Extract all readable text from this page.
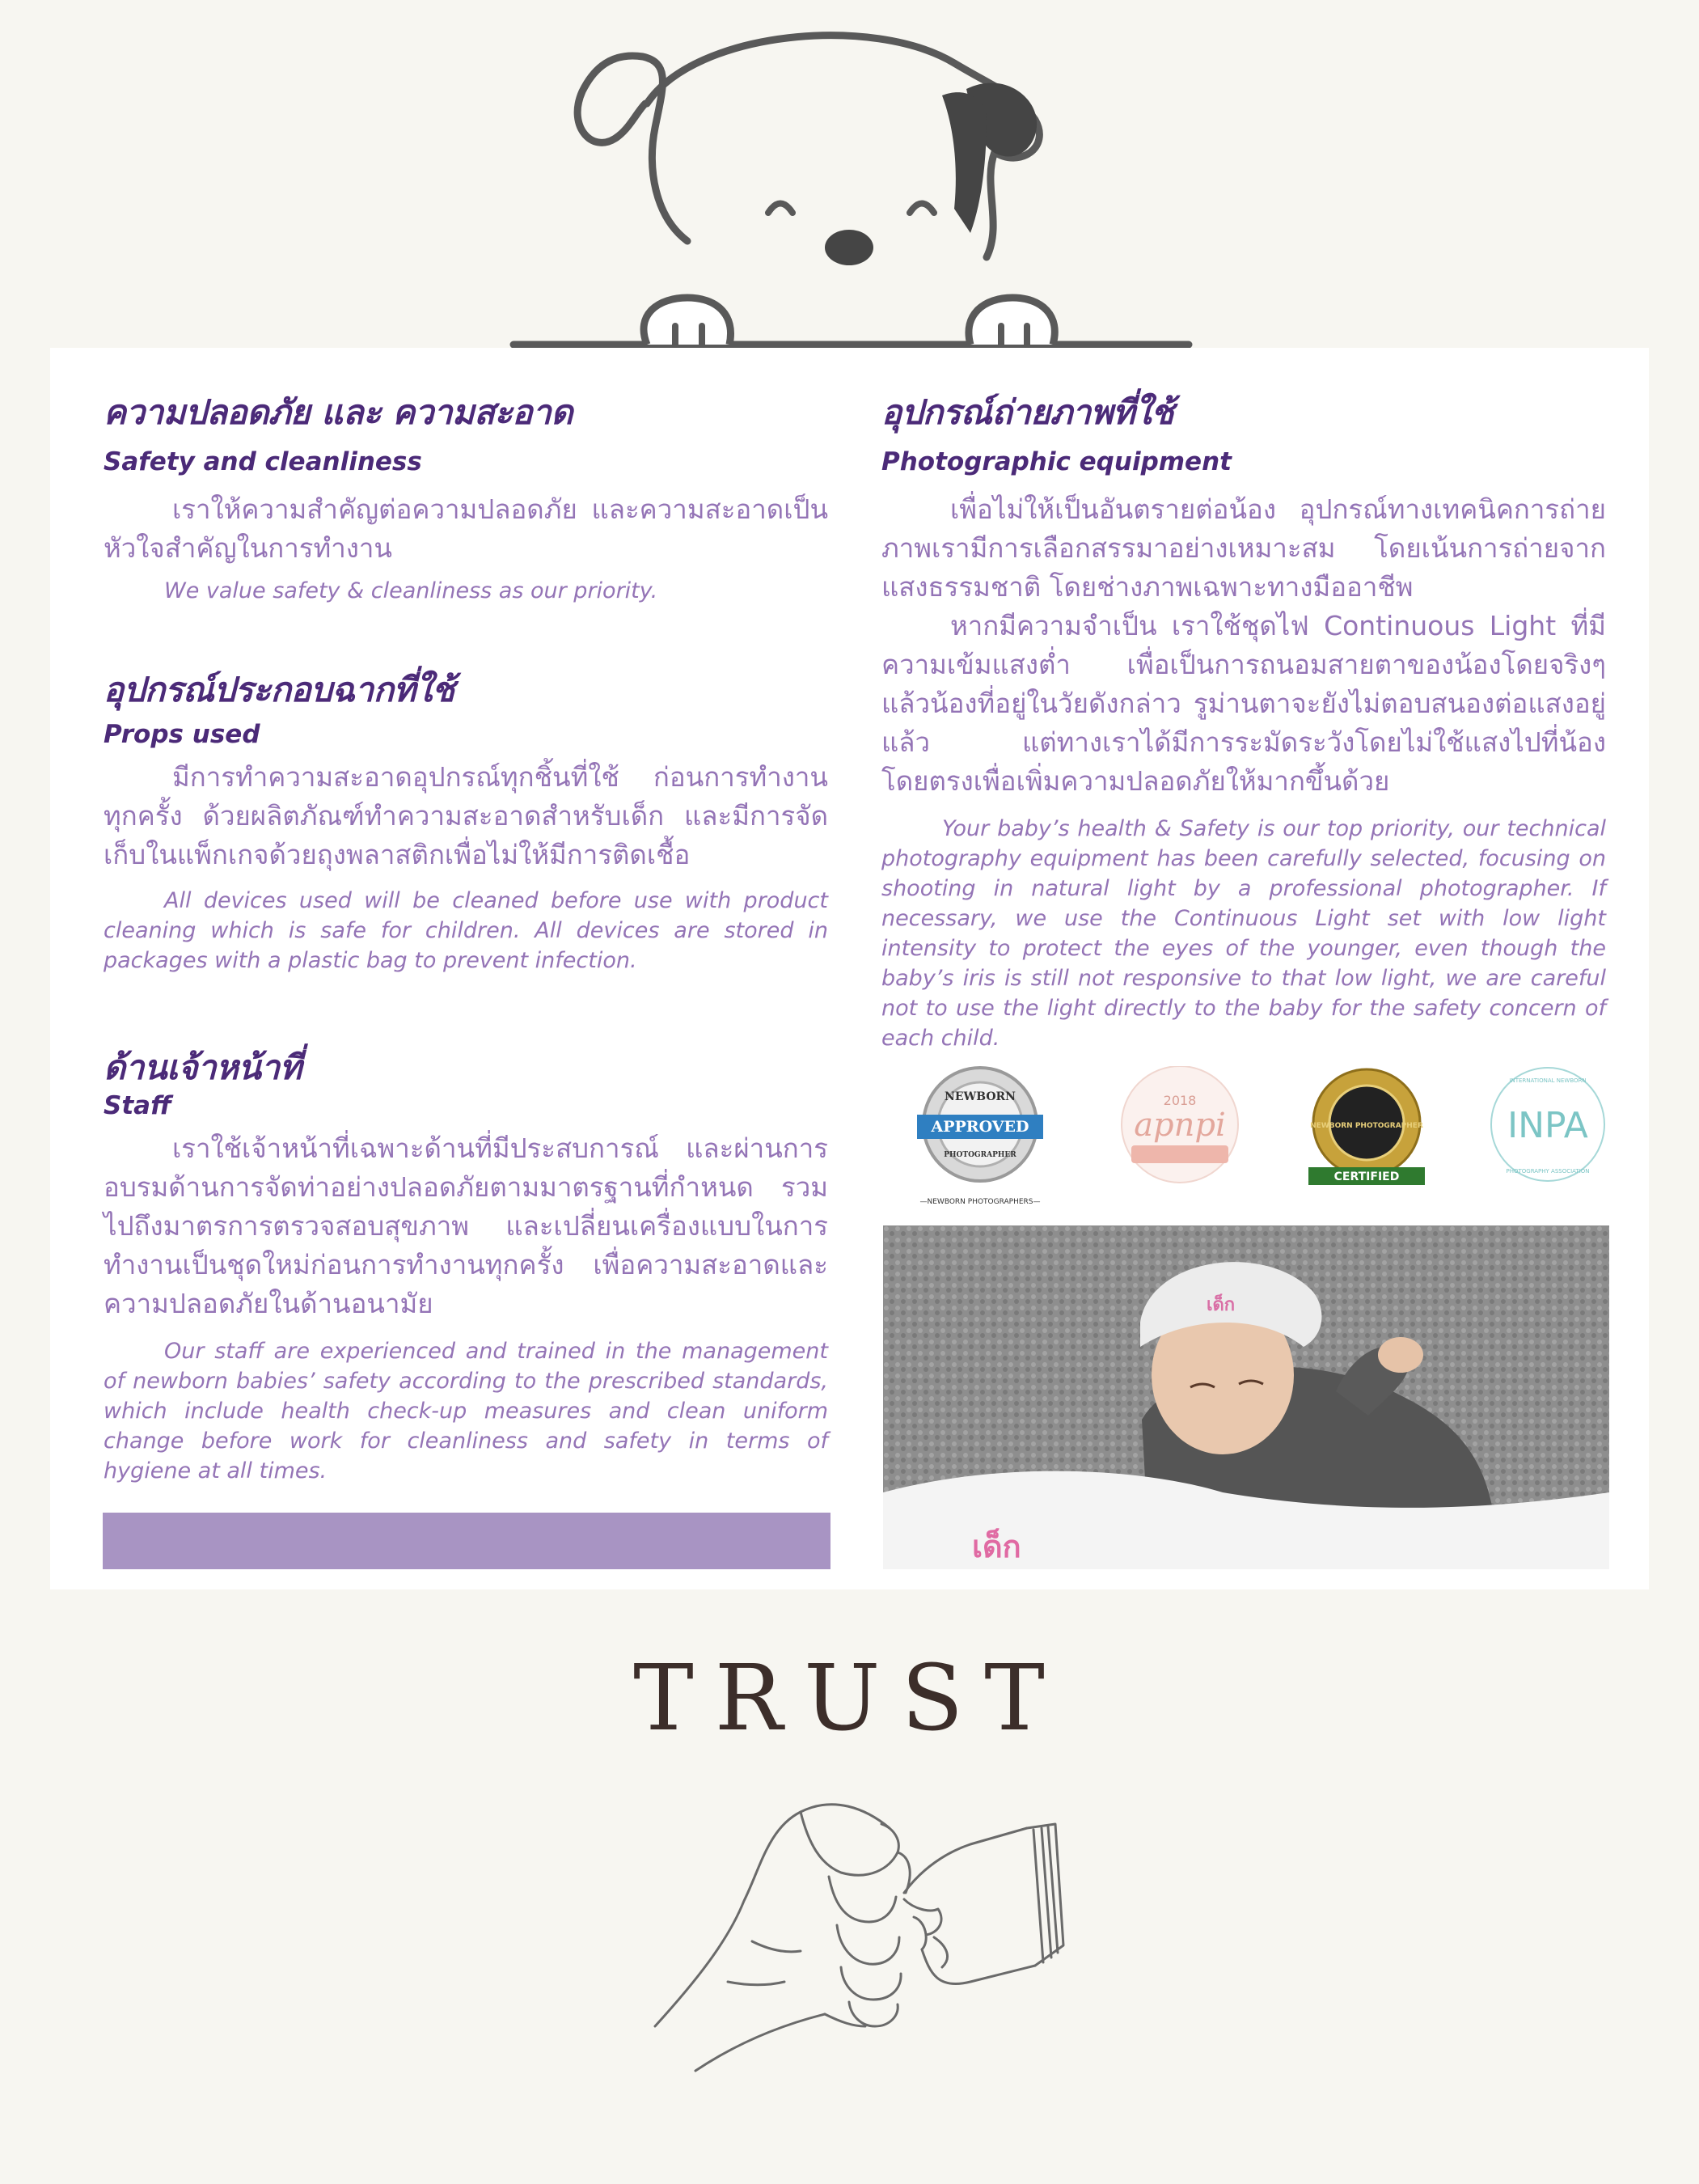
ความปลอดภัย และ ความสะอาด
Safety and cleanliness

เราให้ความสำคัญต่อความปลอดภัย และความสะอาดเป็นหัวใจสำคัญในการทำงาน

We value safety & cleanliness as our priority.

อุปกรณ์ประกอบฉากที่ใช้
Props used

มีการทำความสะอาดอุปกรณ์ทุกชิ้นที่ใช้ ก่อนการทำงานทุกครั้ง ด้วยผลิตภัณฑ์ทำความสะอาดสำหรับเด็ก และมีการจัดเก็บในแพ็กเกจด้วยถุงพลาสติกเพื่อไม่ให้มีการติดเชื้อ

All devices used will be cleaned before use with product cleaning which is safe for children. All devices are stored in packages with a plastic bag to prevent infection.

ด้านเจ้าหน้าที่
Staff

เราใช้เจ้าหน้าที่เฉพาะด้านที่มีประสบการณ์ และผ่านการอบรมด้านการจัดท่าอย่างปลอดภัยตามมาตรฐานที่กำหนด รวมไปถึงมาตรการตรวจสอบสุขภาพ และเปลี่ยนเครื่องแบบในการทำงานเป็นชุดใหม่ก่อนการทำงานทุกครั้ง เพื่อความสะอาดและความปลอดภัยในด้านอนามัย

Our staff are experienced and trained in the management of newborn babies’ safety according to the prescribed standards, which include health check-up measures and clean uniform change before work for cleanliness and safety in terms of hygiene at all times.

อุปกรณ์ถ่ายภาพที่ใช้
Photographic equipment

เพื่อไม่ให้เป็นอันตรายต่อน้อง อุปกรณ์ทางเทคนิคการถ่ายภาพเรามีการเลือกสรรมาอย่างเหมาะสม โดยเน้นการถ่ายจากแสงธรรมชาติ โดยช่างภาพเฉพาะทางมืออาชีพ

หากมีความจำเป็น เราใช้ชุดไฟ Continuous Light ที่มีความเข้มแสงต่ำ เพื่อเป็นการถนอมสายตาของน้องโดยจริงๆ แล้วน้องที่อยู่ในวัยดังกล่าว รูม่านตาจะยังไม่ตอบสนองต่อแสงอยู่แล้ว แต่ทางเราได้มีการระมัดระวังโดยไม่ใช้แสงไปที่น้องโดยตรงเพื่อเพิ่มความปลอดภัยให้มากขึ้นด้วย

Your baby’s health & Safety is our top priority, our technical photography equipment has been carefully selected, focusing on shooting in natural light by a professional photographer. If necessary, we use the Continuous Light set with low light intensity to protect the eyes of the younger, even though the baby’s iris is still not responsive to that low light, we are careful not to use the light directly to the baby for the safety concern of each child.

NEWBORN
APPROVED
PHOTOGRAPHER
—NEWBORN PHOTOGRAPHERS—
2018
apnpi	NEWBORN PHOTOGRAPHER
CERTIFIED
INPA
INTERNATIONAL NEWBORN
PHOTOGRAPHY ASSOCIATION
เด็ก
เด็ก
TRUST
